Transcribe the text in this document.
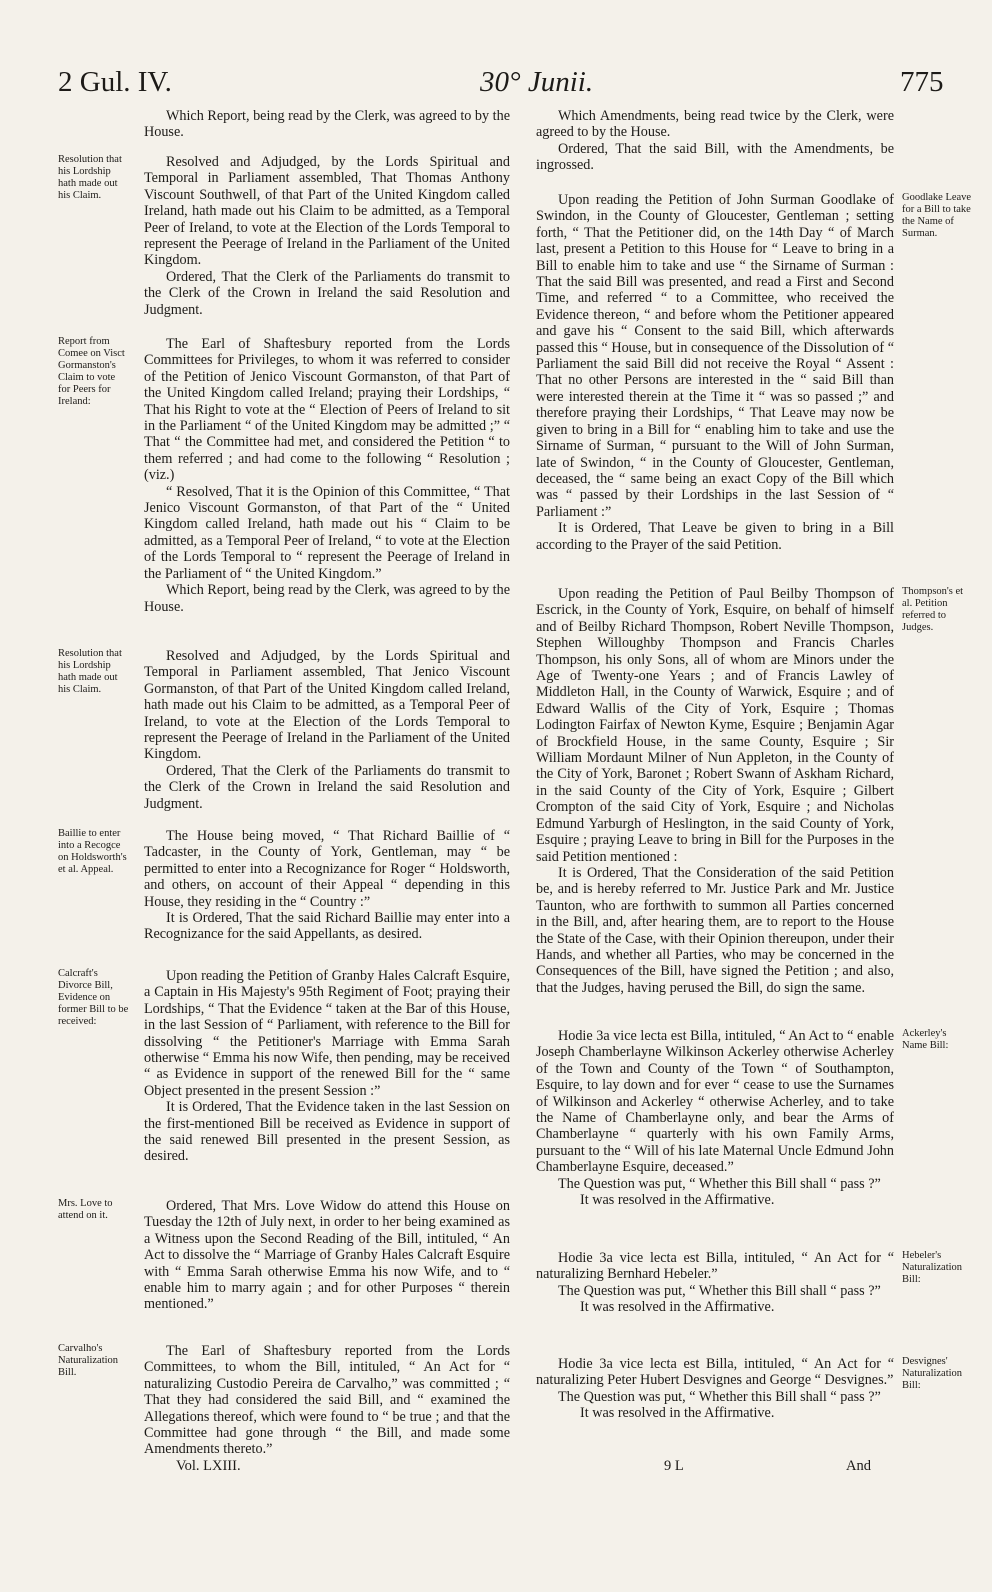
2 Gul. IV.	30° Junii.	775

Which Report, being read by the Clerk, was agreed to by the House.

Resolution that his Lordship hath made out his Claim.

Resolved and Adjudged, by the Lords Spiritual and Temporal in Parliament assembled, That Thomas Anthony Viscount Southwell, of that Part of the United Kingdom called Ireland, hath made out his Claim to be admitted, as a Temporal Peer of Ireland, to vote at the Election of the Lords Temporal to represent the Peerage of Ireland in the Parliament of the United Kingdom.

Ordered, That the Clerk of the Parliaments do transmit to the Clerk of the Crown in Ireland the said Resolution and Judgment.

Report from Comee on Visct Gormanston's Claim to vote for Peers for Ireland:

The Earl of Shaftesbury reported from the Lords Committees for Privileges, to whom it was referred to consider of the Petition of Jenico Viscount Gormanston, of that Part of the United Kingdom called Ireland; praying their Lordships, “ That his Right to vote at the “ Election of Peers of Ireland to sit in the Parliament “ of the United Kingdom may be admitted ;” “ That “ the Committee had met, and considered the Petition “ to them referred ; and had come to the following “ Resolution ; (viz.)

“ Resolved, That it is the Opinion of this Committee, “ That Jenico Viscount Gormanston, of that Part of the “ United Kingdom called Ireland, hath made out his “ Claim to be admitted, as a Temporal Peer of Ireland, “ to vote at the Election of the Lords Temporal to “ represent the Peerage of Ireland in the Parliament of “ the United Kingdom.”

Which Report, being read by the Clerk, was agreed to by the House.

Resolution that his Lordship hath made out his Claim.

Resolved and Adjudged, by the Lords Spiritual and Temporal in Parliament assembled, That Jenico Viscount Gormanston, of that Part of the United Kingdom called Ireland, hath made out his Claim to be admitted, as a Temporal Peer of Ireland, to vote at the Election of the Lords Temporal to represent the Peerage of Ireland in the Parliament of the United Kingdom.

Ordered, That the Clerk of the Parliaments do transmit to the Clerk of the Crown in Ireland the said Resolution and Judgment.

Baillie to enter into a Recogce on Holdsworth's et al. Appeal.

The House being moved, “ That Richard Baillie of “ Tadcaster, in the County of York, Gentleman, may “ be permitted to enter into a Recognizance for Roger “ Holdsworth, and others, on account of their Appeal “ depending in this House, they residing in the “ Country :”

It is Ordered, That the said Richard Baillie may enter into a Recognizance for the said Appellants, as desired.

Calcraft's Divorce Bill, Evidence on former Bill to be received:

Upon reading the Petition of Granby Hales Calcraft Esquire, a Captain in His Majesty's 95th Regiment of Foot; praying their Lordships, “ That the Evidence “ taken at the Bar of this House, in the last Session of “ Parliament, with reference to the Bill for dissolving “ the Petitioner's Marriage with Emma Sarah otherwise “ Emma his now Wife, then pending, may be received “ as Evidence in support of the renewed Bill for the “ same Object presented in the present Session :”

It is Ordered, That the Evidence taken in the last Session on the first-mentioned Bill be received as Evidence in support of the said renewed Bill presented in the present Session, as desired.

Mrs. Love to attend on it.

Ordered, That Mrs. Love Widow do attend this House on Tuesday the 12th of July next, in order to her being examined as a Witness upon the Second Reading of the Bill, intituled, “ An Act to dissolve the “ Marriage of Granby Hales Calcraft Esquire with “ Emma Sarah otherwise Emma his now Wife, and to “ enable him to marry again ; and for other Purposes “ therein mentioned.”

Carvalho's Naturalization Bill.

The Earl of Shaftesbury reported from the Lords Committees, to whom the Bill, intituled, “ An Act for “ naturalizing Custodio Pereira de Carvalho,” was committed ; “ That they had considered the said Bill, and “ examined the Allegations thereof, which were found to “ be true ; and that the Committee had gone through “ the Bill, and made some Amendments thereto.”

Which Amendments, being read twice by the Clerk, were agreed to by the House.

Ordered, That the said Bill, with the Amendments, be ingrossed.

Goodlake Leave for a Bill to take the Name of Surman.

Upon reading the Petition of John Surman Goodlake of Swindon, in the County of Gloucester, Gentleman ; setting forth, “ That the Petitioner did, on the 14th Day “ of March last, present a Petition to this House for “ Leave to bring in a Bill to enable him to take and use “ the Sirname of Surman : That the said Bill was presented, and read a First and Second Time, and referred “ to a Committee, who received the Evidence thereon, “ and before whom the Petitioner appeared and gave his “ Consent to the said Bill, which afterwards passed this “ House, but in consequence of the Dissolution of “ Parliament the said Bill did not receive the Royal “ Assent : That no other Persons are interested in the “ said Bill than were interested therein at the Time it “ was so passed ;” and therefore praying their Lordships, “ That Leave may now be given to bring in a Bill for “ enabling him to take and use the Sirname of Surman, “ pursuant to the Will of John Surman, late of Swindon, “ in the County of Gloucester, Gentleman, deceased, the “ same being an exact Copy of the Bill which was “ passed by their Lordships in the last Session of “ Parliament :”

It is Ordered, That Leave be given to bring in a Bill according to the Prayer of the said Petition.

Thompson's et al. Petition referred to Judges.

Upon reading the Petition of Paul Beilby Thompson of Escrick, in the County of York, Esquire, on behalf of himself and of Beilby Richard Thompson, Robert Neville Thompson, Stephen Willoughby Thompson and Francis Charles Thompson, his only Sons, all of whom are Minors under the Age of Twenty-one Years ; and of Francis Lawley of Middleton Hall, in the County of Warwick, Esquire ; and of Edward Wallis of the City of York, Esquire ; Thomas Lodington Fairfax of Newton Kyme, Esquire ; Benjamin Agar of Brockfield House, in the same County, Esquire ; Sir William Mordaunt Milner of Nun Appleton, in the County of the City of York, Baronet ; Robert Swann of Askham Richard, in the said County of the City of York, Esquire ; Gilbert Crompton of the said City of York, Esquire ; and Nicholas Edmund Yarburgh of Heslington, in the said County of York, Esquire ; praying Leave to bring in Bill for the Purposes in the said Petition mentioned :

It is Ordered, That the Consideration of the said Petition be, and is hereby referred to Mr. Justice Park and Mr. Justice Taunton, who are forthwith to summon all Parties concerned in the Bill, and, after hearing them, are to report to the House the State of the Case, with their Opinion thereupon, under their Hands, and whether all Parties, who may be concerned in the Consequences of the Bill, have signed the Petition ; and also, that the Judges, having perused the Bill, do sign the same.

Ackerley's Name Bill:

Hodie 3a vice lecta est Billa, intituled, “ An Act to “ enable Joseph Chamberlayne Wilkinson Ackerley otherwise Acherley of the Town and County of the Town “ of Southampton, Esquire, to lay down and for ever “ cease to use the Surnames of Wilkinson and Ackerley “ otherwise Acherley, and to take the Name of Chamberlayne only, and bear the Arms of Chamberlayne “ quarterly with his own Family Arms, pursuant to the “ Will of his late Maternal Uncle Edmund John Chamberlayne Esquire, deceased.”

The Question was put, “ Whether this Bill shall “ pass ?”

It was resolved in the Affirmative.

Hebeler's Naturalization Bill:

Hodie 3a vice lecta est Billa, intituled, “ An Act for “ naturalizing Bernhard Hebeler.”

The Question was put, “ Whether this Bill shall “ pass ?”

It was resolved in the Affirmative.

Desvignes' Naturalization Bill:

Hodie 3a vice lecta est Billa, intituled, “ An Act for “ naturalizing Peter Hubert Desvignes and George “ Desvignes.”

The Question was put, “ Whether this Bill shall “ pass ?”

It was resolved in the Affirmative.

Vol. LXIII.	9 L	And
